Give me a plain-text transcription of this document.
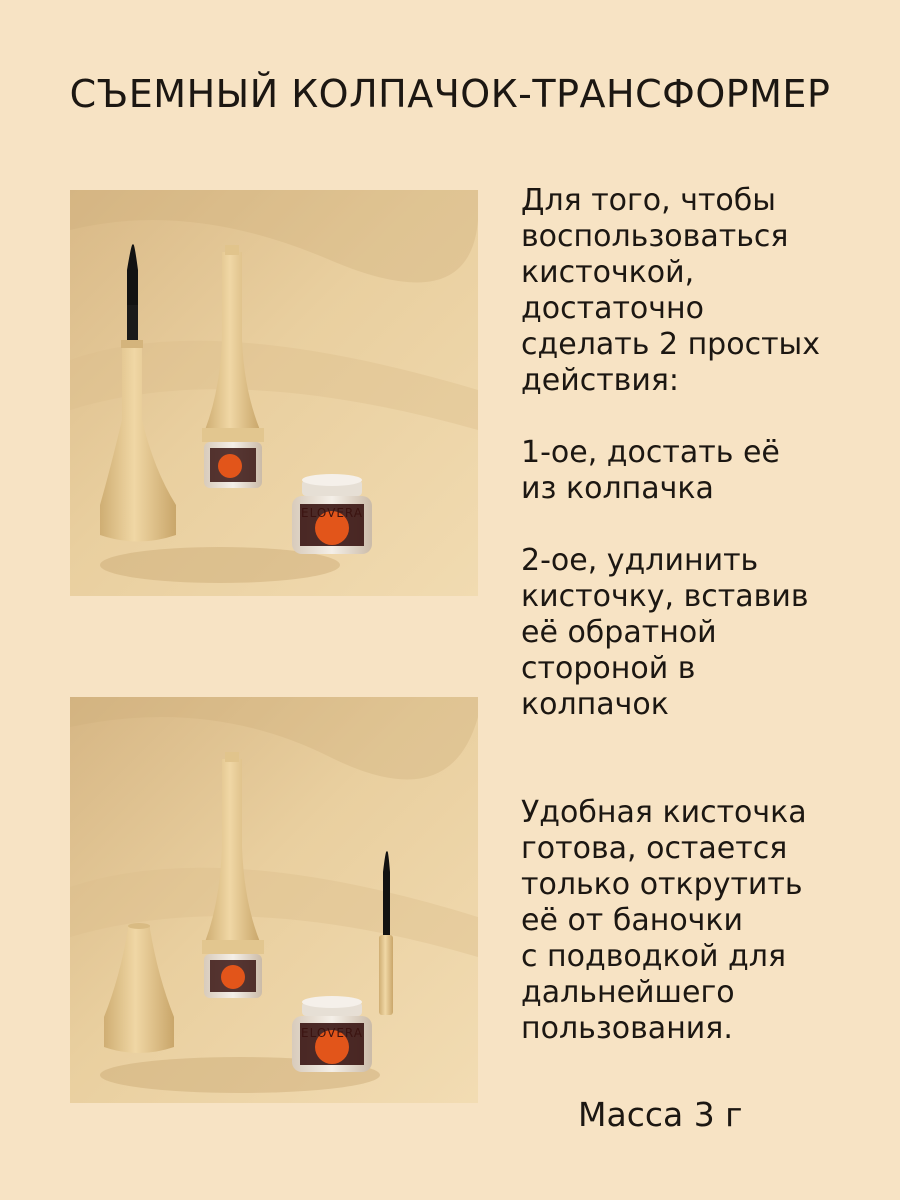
СЪЕМНЫЙ КОЛПАЧОК-ТРАНСФОРМЕР
ELOVERA

Для того, чтобы
воспользоваться
кисточкой,
достаточно
сделать 2 простых
действия:

1-ое, достать её
из колпачка

2-ое, удлинить
кисточку, вставив
её обратной
стороной в
колпачок

ELOVERA

Удобная кисточка
готова, остается
только открутить
её от баночки
с подводкой для
дальнейшего
пользования.

Масса 3 г
